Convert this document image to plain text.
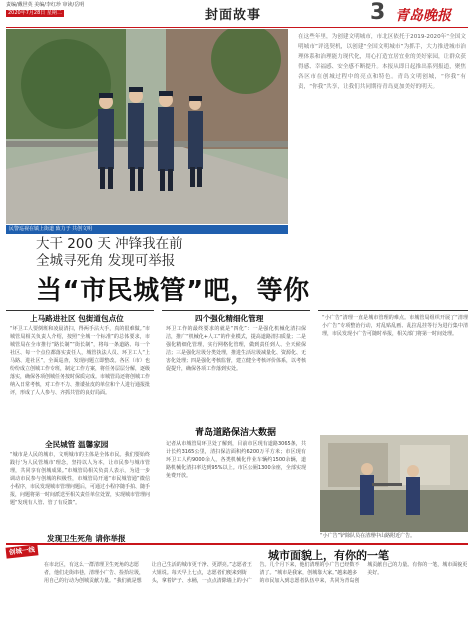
责编/戴世英 美编/李红珍 审读/岳明
2020年7月28日 星期二	封面故事	3 青岛晚报
民警巡视在镇上街道 致力于 共创文明
在这些年里，为创建文明城市，市北区依托于2019-2020年“全国文明城市”评选契机，以创建“全国文明城市”为抓手，大力推进城市治理体系和治理能力现代化，用心打造宜居宜业的美好家园，让群众获得感、幸福感、安全感不断提升。本报从即日起推出系列报道，聚焦各区市在创城过程中的亮点和特色。青岛文明创城，“你我”有责，“你我”共享，让我们共同期待青岛更加美好的明天。
大干 200 天 冲锋我在前
全城寻死角 发现可举报
当“市民城管”吧，等你
上马路进社区 包街道包点位
“坏卫工人要倒班和凌晨清扫，得两手沾大手，真的很难做。”市城管局相关负责人介绍，按照“全城一个标准”的总体要求，市城管局在全市推行“路长制”“街长制”，将每一条道路、每一个社区、每一个点位都落实责任人，城管执法人员、环卫工人“上马路、进社区”，全面巡查，发现问题立即整改。各区（市）也纷纷成立创城工作专班，制定工作方案，将任务层层分解，逐级落实，确保各项创城任务按时保质完成。市城管局还将创城工作纳入日常考核，对工作不力、推诿扯皮的单位和个人进行通报批评，形成了人人参与、齐抓共管的良好局面。
全民城管 温馨家园
“城市是人民的城市，文明城市的主体是全体市民。我们要始终践行‘为人民管城市’理念，坚持以人为本，让市民参与城市管理，共同享有创城成果。”市城管局相关负责人表示，为进一步调动市民参与创城的积极性，市城管局开通“市民城管通”微信小程序，市民发现城市管理问题后，可通过小程序随手拍、随手报，问题将第一时间派送至相关责任单位处置，实现城市管理问题“发现有人管、管了有反馈”。
发现卫生死角 请你举报
四个强化精细化管理
环卫工作的最终要求的就是“四化”：一是强化机械化清扫保洁，推广“机械化+人工”的作业模式，提高道路清扫质量；二是强化精细化管理，实行网格化管理，做到责任到人、全天候保洁；三是强化垃圾分类处理，推进生活垃圾减量化、资源化、无害化处理；四是强化考核监督，建立健全考核评价体系，以考核促提升，确保各项工作落到实处。
青岛道路保洁大数据
记者从市城管局环卫处了解到，目前市区现有道路3065条，共计长约3165公里，清扫保洁面积约6200万平方米；市区现有环卫工人约9000余人，各类机械化作业车辆约1500余辆，道路机械化清扫率达到95%以上。市区公厕1300余座，全部实现免费开放。
“小广告”清理一直是城市管理的难点。市城管局组织开展了“清理小广告”专项整治行动，对乱贴乱画、乱拉乱挂等行为进行集中清理，市民发现小广告可随时举报，相关部门将第一时间处理。
“小广告”铲除队员在清理中山路附近广告。
创城一线	城市面貌上，有你的一笔
在市北区，有这么一群清理卫生死角的志愿者，他们走街串巷，清理小广告、捡拾垃圾，用自己的行动为创城贡献力量。“我们就是想让自己生活的城市更干净、更漂亮。”志愿者王大姐说。每天早上七点，志愿者们便来到街头，拿着铲子、水桶，一点点清除墙上的小广告。几个月下来，他们清理的小广告已经数不清了。“城市是我家，创城靠大家。”越来越多的市民加入到志愿者队伍中来，共同为青岛创城贡献自己的力量。有你的一笔，城市面貌更美好。
